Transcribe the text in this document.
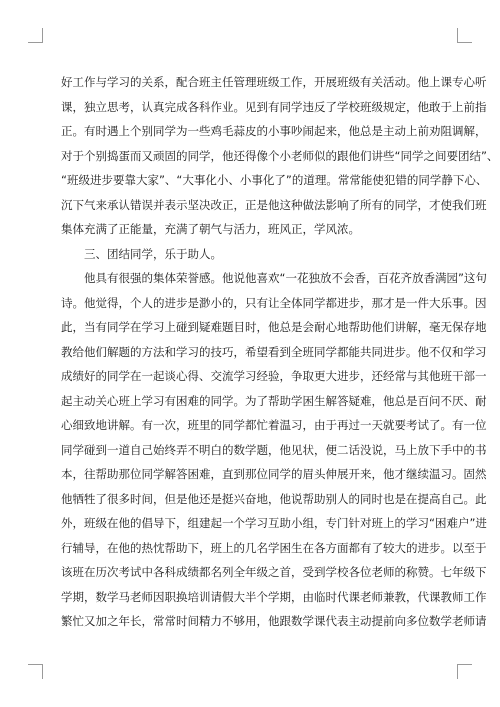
好工作与学习的关系，配合班主任管理班级工作，开展班级有关活动。他上课专心听
课，独立思考，认真完成各科作业。见到有同学违反了学校班级规定，他敢于上前指
正。有时遇上个别同学为一些鸡毛蒜皮的小事吵闹起来，他总是主动上前劝阻调解，
对于个别捣蛋而又顽固的同学，他还得像个小老师似的跟他们讲些“同学之间要团结”、
“班级进步要靠大家”、“大事化小、小事化了”的道理。常常能使犯错的同学静下心、
沉下气来承认错误并表示坚决改正，正是他这种做法影响了所有的同学，才使我们班
集体充满了正能量，充满了朝气与活力，班风正，学风浓。
三、团结同学，乐于助人。
他具有很强的集体荣誉感。他说他喜欢“一花独放不会香，百花齐放香满园”这句
诗。他觉得，个人的进步是渺小的，只有让全体同学都进步，那才是一件大乐事。因
此，当有同学在学习上碰到疑难题目时，他总是会耐心地帮助他们讲解，毫无保存地
教给他们解题的方法和学习的技巧，希望看到全班同学都能共同进步。他不仅和学习
成绩好的同学在一起谈心得、交流学习经验，争取更大进步，还经常与其他班干部一
起主动关心班上学习有困难的同学。为了帮助学困生解答疑难，他总是百问不厌、耐
心细致地讲解。有一次，班里的同学都忙着温习，由于再过一天就要考试了。有一位
同学碰到一道自己始终弄不明白的数学题，他见状，便二话没说，马上放下手中的书
本，往帮助那位同学解答困难，直到那位同学的眉头伸展开来，他才继续温习。固然
他牺牲了很多时间，但是他还是挺兴奋地，他说帮助别人的同时也是在提高自己。此
外，班级在他的倡导下，组建起一个学习互助小组，专门针对班上的学习“困难户”进
行辅导，在他的热忱帮助下，班上的几名学困生在各方面都有了较大的进步。以至于
该班在历次考试中各科成绩都名列全年级之首，受到学校各位老师的称赞。七年级下
学期，数学马老师因职换培训请假大半个学期，由临时代课老师兼教，代课教师工作
繁忙又加之年长，常常时间精力不够用，他跟数学课代表主动提前向多位数学老师请
